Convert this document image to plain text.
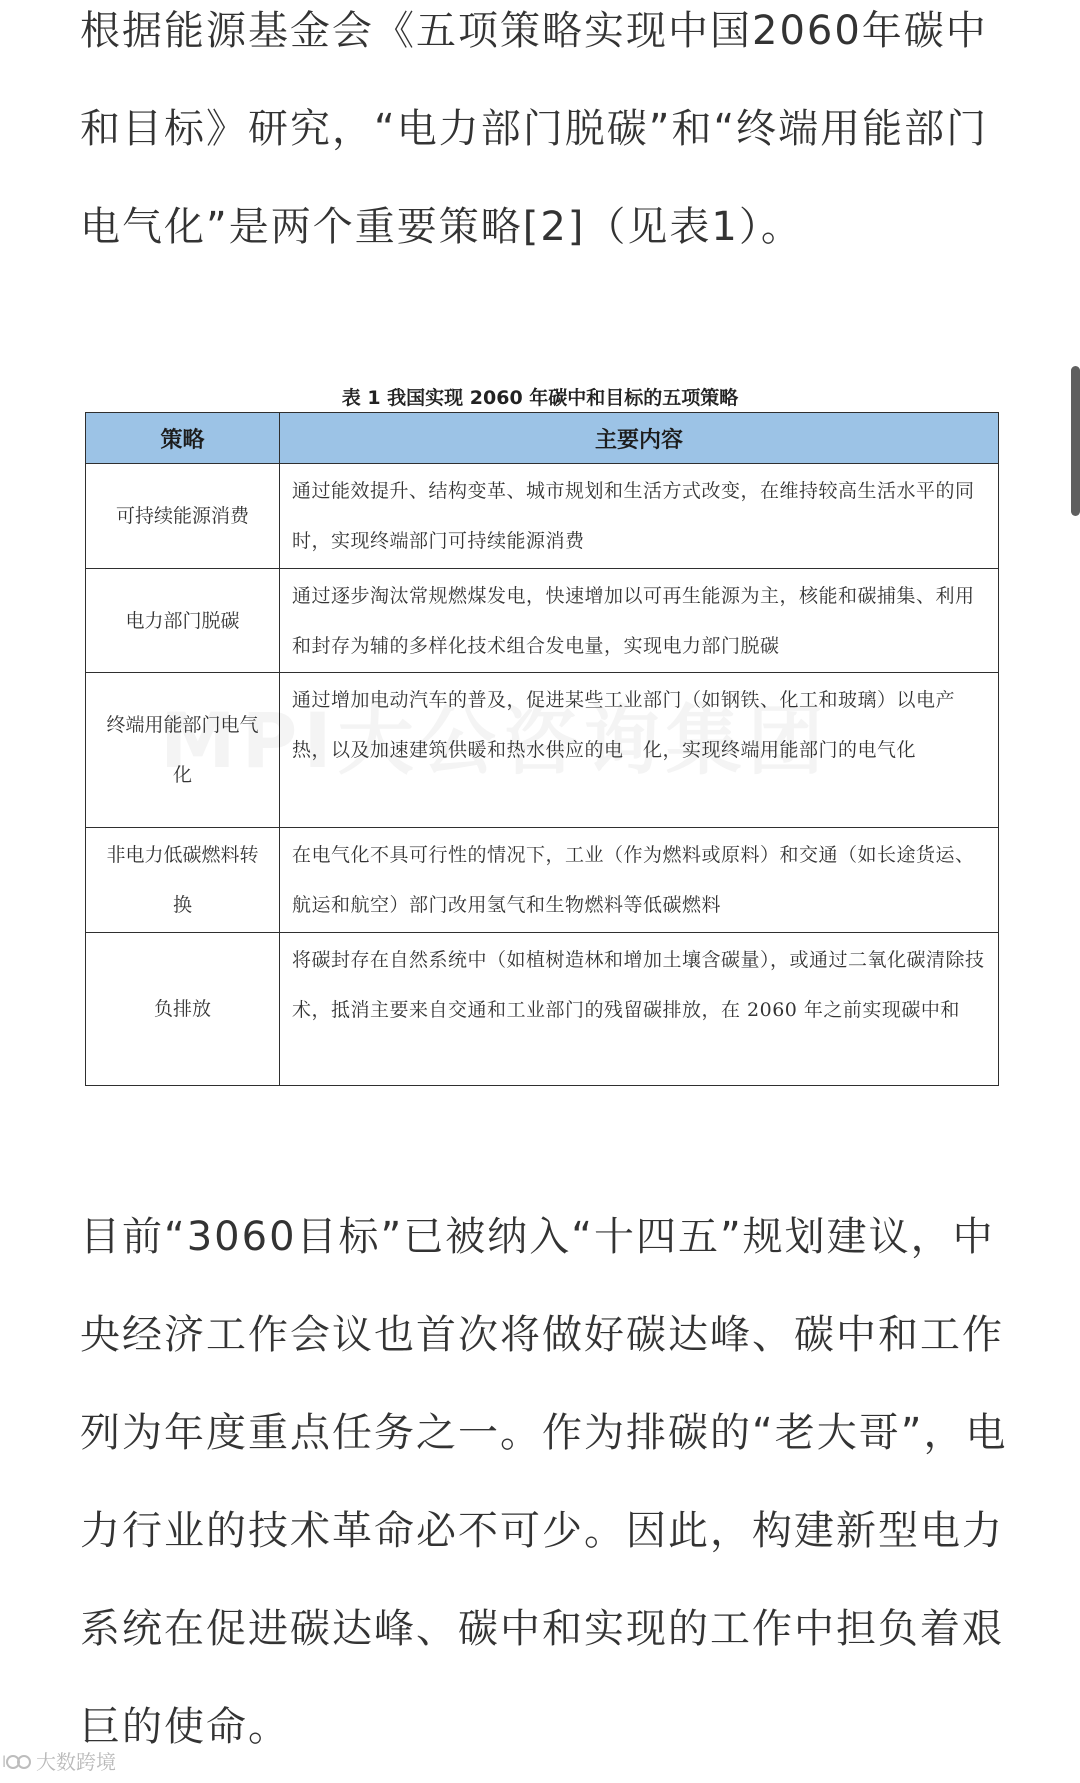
根据能源基金会《五项策略实现中国2060年碳中和目标》研究，“电力部门脱碳”和“终端用能部门电气化”是两个重要策略[2]（见表1）。

表 1 我国实现 2060 年碳中和目标的五项策略

策略	主要内容
可持续能源消费	通过能效提升、结构变革、城市规划和生活方式改变，在维持较高生活水平的同时，实现终端部门可持续能源消费
电力部门脱碳	通过逐步淘汰常规燃煤发电，快速增加以可再生能源为主，核能和碳捕集、利用和封存为辅的多样化技术组合发电量，实现电力部门脱碳
终端用能部门电气化	通过增加电动汽车的普及，促进某些工业部门（如钢铁、化工和玻璃）以电产热，以及加速建筑供暖和热水供应的电　化，实现终端用能部门的电气化
非电力低碳燃料转换	在电气化不具可行性的情况下，工业（作为燃料或原料）和交通（如长途货运、航运和航空）部门改用氢气和生物燃料等低碳燃料
负排放	将碳封存在自然系统中（如植树造林和增加土壤含碳量），或通过二氧化碳清除技术，抵消主要来自交通和工业部门的残留碳排放，在 2060 年之前实现碳中和

目前“3060目标”已被纳入“十四五”规划建议，中央经济工作会议也首次将做好碳达峰、碳中和工作列为年度重点任务之一。作为排碳的“老大哥”，电力行业的技术革命必不可少。因此，构建新型电力系统在促进碳达峰、碳中和实现的工作中担负着艰巨的使命。

l 大数跨境
